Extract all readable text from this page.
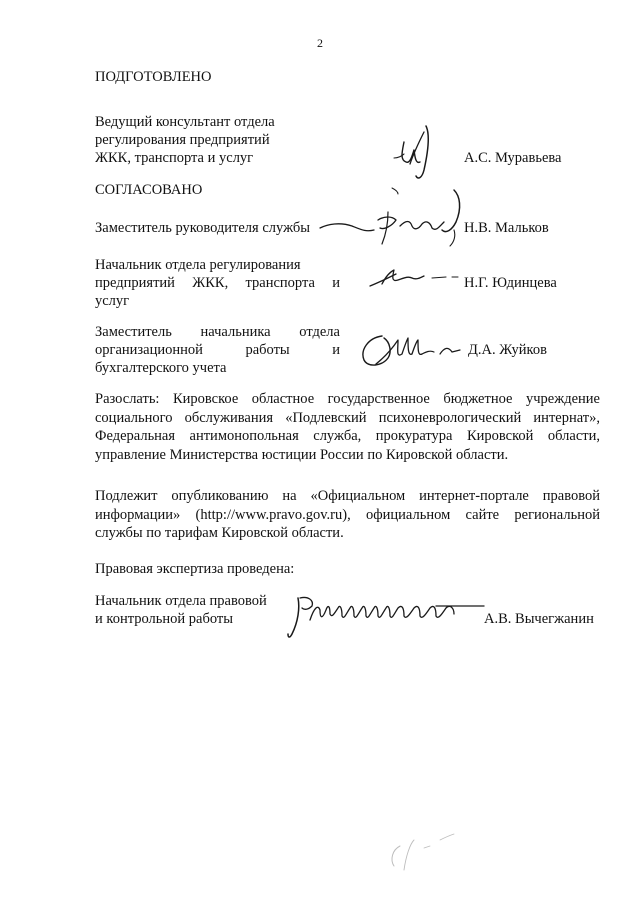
2
ПОДГОТОВЛЕНО
Ведущий консультант отдела
регулирования предприятий
ЖКК, транспорта и услуг	А.С. Муравьева
СОГЛАСОВАНО
Заместитель руководителя службы	Н.В. Мальков
Начальник отдела регулирования
предприятий ЖКК, транспорта и
услуг
Н.Г. Юдинцева
Заместитель начальника отдела
организационной	работы	и
бухгалтерского учета
Д.А. Жуйков
Разослать: Кировское областное государственное бюджетное учреждение социального обслуживания «Подлевский психоневрологический интернат», Федеральная антимонопольная служба, прокуратура Кировской области, управление Министерства юстиции России по Кировской области.
Подлежит опубликованию на «Официальном интернет-портале правовой информации» (http://www.pravo.gov.ru), официальном сайте региональной службы по тарифам Кировской области.
Правовая экспертиза проведена:
Начальник отдела правовой
и контрольной работы	А.В. Вычегжанин
